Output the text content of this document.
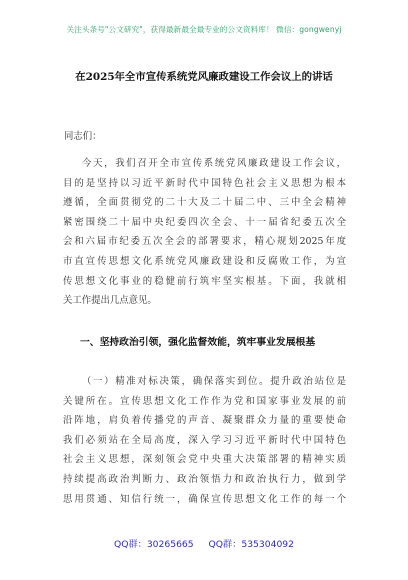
关注头条号"公文研究"，获得最新最全最专业的公文资料库！ 微信：gongwenyj
在2025年全市宣传系统党风廉政建设工作会议上的讲话
同志们：
今天，我们召开全市宣传系统党风廉政建设工作会议，
目的是坚持以习近平新时代中国特色社会主义思想为根本
遵循，全面贯彻党的二十大及二十届二中、三中全会精神
紧密围绕二十届中央纪委四次全会、十一届省纪委五次全
会和六届市纪委五次全会的部署要求，精心规划2025年度
市直宣传思想文化系统党风廉政建设和反腐败工作，为宣
传思想文化事业的稳健前行筑牢坚实根基。下面，我就相
关工作提出几点意见。
一、坚持政治引领，强化监督效能，筑牢事业发展根基
（一）精准对标决策，确保落实到位。提升政治站位是
关键所在。宣传思想文化工作作为党和国家事业发展的前
沿阵地，肩负着传播党的声音、凝聚群众力量的重要使命
我们必须站在全局高度，深入学习习近平新时代中国特色
社会主义思想，深刻领会党中央重大决策部署的精神实质
持续提高政治判断力、政治领悟力和政治执行力，做到学
思用贯通、知信行统一，确保宣传思想文化工作的每一个
QQ群：30265665 QQ群：535304092
